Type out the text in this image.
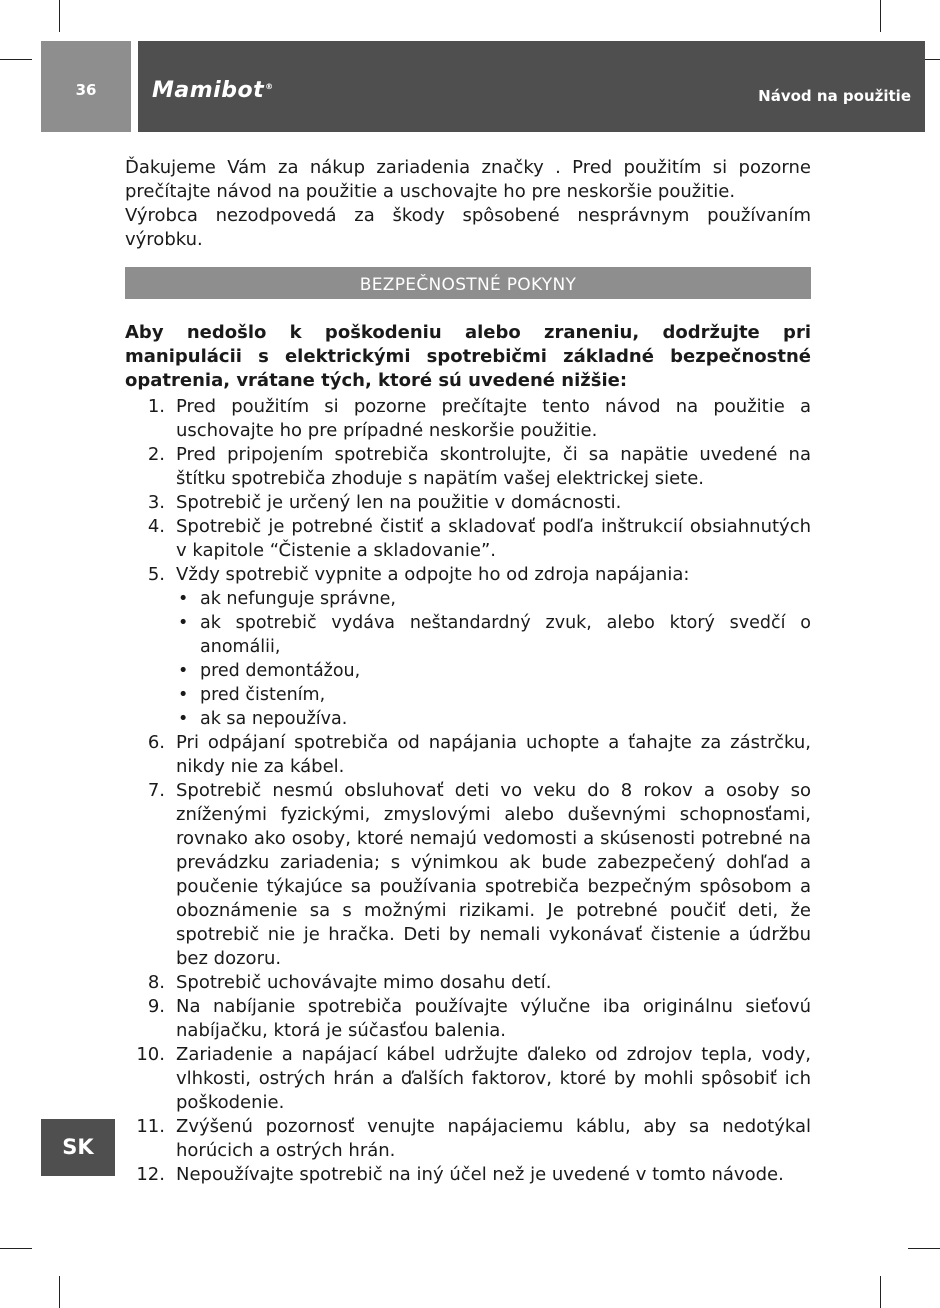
36	Mamibot®
Návod na použitie

Ďakujeme Vám za nákup zariadenia značky . Pred použitím si pozorne prečítajte návod na použitie a uschovajte ho pre neskoršie použitie.

Výrobca nezodpovedá za škody spôsobené nesprávnym používaním výrobku.

BEZPEČNOSTNÉ POKYNY

Aby nedošlo k poškodeniu alebo zraneniu, dodržujte pri manipulácii s elektrickými spotrebičmi základné bezpečnostné opatrenia, vrátane tých, ktoré sú uvedené nižšie:

1. Pred použitím si pozorne prečítajte tento návod na použitie a uschovajte ho pre prípadné neskoršie použitie.
2. Pred pripojením spotrebiča skontrolujte, či sa napätie uvedené na štítku spotrebiča zhoduje s napätím vašej elektrickej siete.
3. Spotrebič je určený len na použitie v domácnosti.
4. Spotrebič je potrebné čistiť a skladovať podľa inštrukcií obsiahnutých v kapitole “Čistenie a skladovanie”.
5. Vždy spotrebič vypnite a odpojte ho od zdroja napájania:
• ak nefunguje správne,
• ak spotrebič vydáva neštandardný zvuk, alebo ktorý svedčí o anomálii,
• pred demontážou,
• pred čistením,
• ak sa nepoužíva.
6. Pri odpájaní spotrebiča od napájania uchopte a ťahajte za zástrčku, nikdy nie za kábel.
7. Spotrebič nesmú obsluhovať deti vo veku do 8 rokov a osoby so zníženými fyzickými, zmyslovými alebo duševnými schopnosťami, rovnako ako osoby, ktoré nemajú vedomosti a skúsenosti potrebné na prevádzku zariadenia; s výnimkou ak bude zabezpečený dohľad a poučenie týkajúce sa používania spotrebiča bezpečným spôsobom a oboznámenie sa s možnými rizikami. Je potrebné poučiť deti, že spotrebič nie je hračka. Deti by nemali vykonávať čistenie a údržbu bez dozoru.
8. Spotrebič uchovávajte mimo dosahu detí.
9. Na nabíjanie spotrebiča používajte výlučne iba originálnu sieťovú nabíjačku, ktorá je súčasťou balenia.
10. Zariadenie a napájací kábel udržujte ďaleko od zdrojov tepla, vody, vlhkosti, ostrých hrán a ďalších faktorov, ktoré by mohli spôsobiť ich poškodenie.
11. Zvýšenú pozornosť venujte napájaciemu káblu, aby sa nedotýkal horúcich a ostrých hrán.
12. Nepoužívajte spotrebič na iný účel než je uvedené v tomto návode.
SK
